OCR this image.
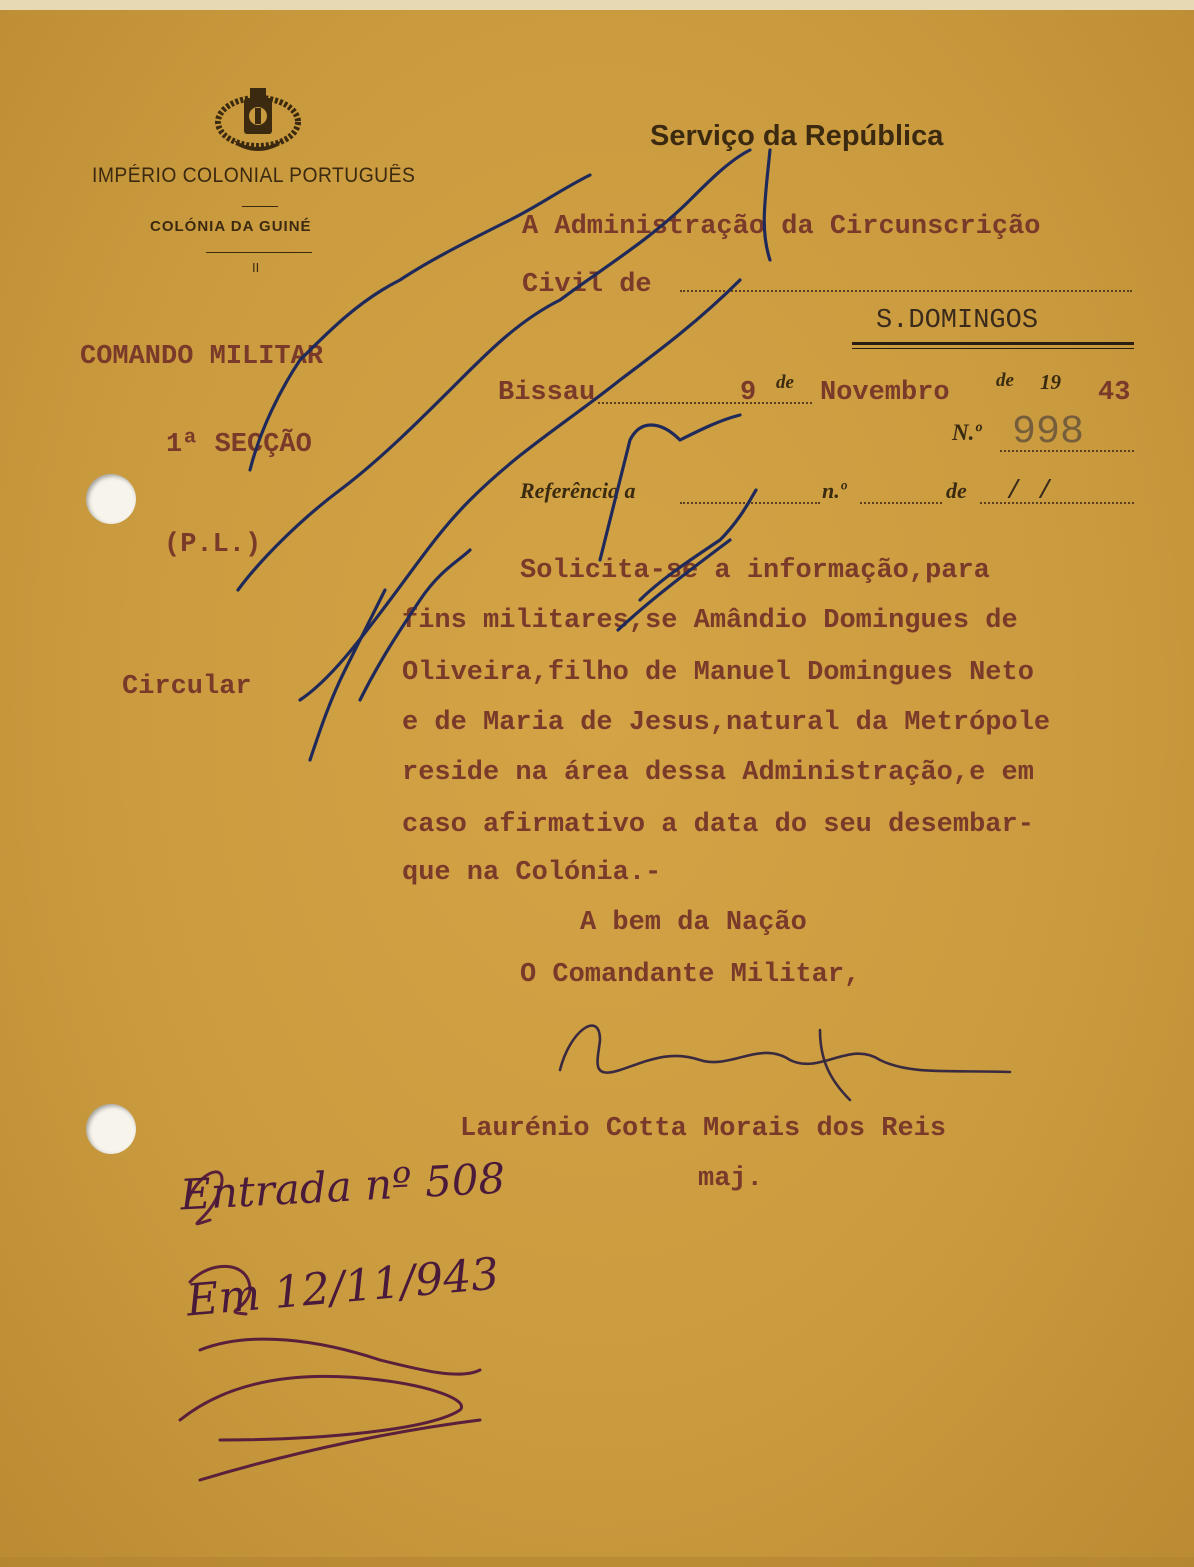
IMPÉRIO COLONIAL PORTUGUÊS
COLÓNIA DA GUINÉ
II
Serviço da República
COMANDO MILITAR
1ª SECÇÃO
(P.L.)
Circular
A Administração da Circunscrição
Civil de
S.DOMINGOS
Bissau	9 de Novembro de 19 43
N.º 998
Referência a	n.º	de / /
Solicita-se a informação,para
fins militares,se Amândio Domingues de
Oliveira,filho de Manuel Domingues Neto
e de Maria de Jesus,natural da Metrópole
reside na área dessa Administração,e em
caso afirmativo a data do seu desembar-
que na Colónia.-
A bem da Nação
O Comandante Militar,
Laurénio Cotta Morais dos Reis
maj.
Entrada nº 508
Em 12/11/943
